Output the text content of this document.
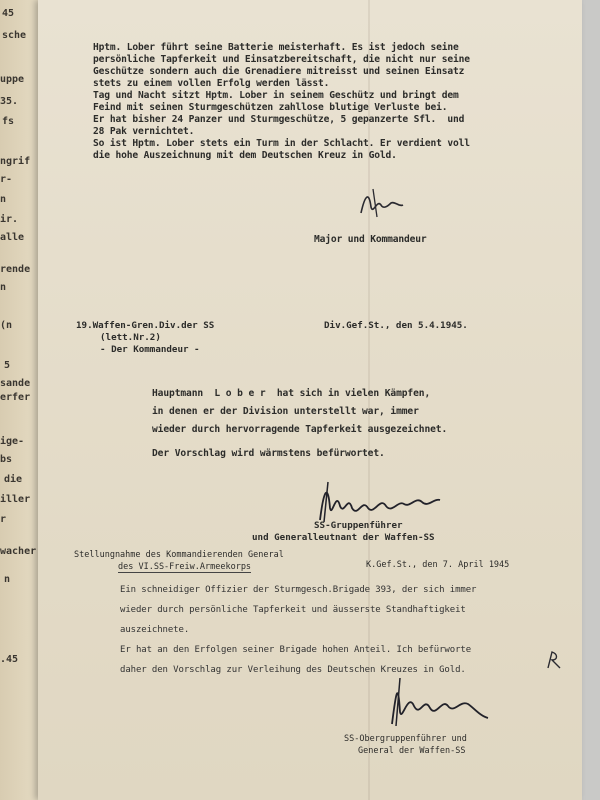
45
sche
uppe
35.
fs
ngrif
r-
n
ir.
alle
rende
n
(n
5
sande
erfer
ige-
bs
die
iller
r
wacher
n
.45
Hptm. Lober führt seine Batterie meisterhaft. Es ist jedoch seine
persönliche Tapferkeit und Einsatzbereitschaft, die nicht nur seine
Geschütze sondern auch die Grenadiere mitreisst und seinen Einsatz
stets zu einem vollen Erfolg werden lässt.
Tag und Nacht sitzt Hptm. Lober in seinem Geschütz und bringt dem
Feind mit seinen Sturmgeschützen zahllose blutige Verluste bei.
Er hat bisher 24 Panzer und Sturmgeschütze, 5 gepanzerte Sfl.  und
28 Pak vernichtet.
So ist Hptm. Lober stets ein Turm in der Schlacht. Er verdient voll
die hohe Auszeichnung mit dem Deutschen Kreuz in Gold.
Major und Kommandeur
19.Waffen-Gren.Div.der SS
(lett.Nr.2)
- Der Kommandeur -
Div.Gef.St., den 5.4.1945.
Hauptmann  L o b e r  hat sich in vielen Kämpfen,
in denen er der Division unterstellt war, immer
wieder durch hervorragende Tapferkeit ausgezeichnet.
Der Vorschlag wird wärmstens befürwortet.
SS-Gruppenführer
und Generalleutnant der Waffen-SS
Stellungnahme des Kommandierenden General
des VI.SS-Freiw.Armeekorps	K.Gef.St., den 7. April 1945
Ein schneidiger Offizier der Sturmgesch.Brigade 393, der sich immer
wieder durch persönliche Tapferkeit und äusserste Standhaftigkeit
auszeichnete.
Er hat an den Erfolgen seiner Brigade hohen Anteil. Ich befürworte
daher den Vorschlag zur Verleihung des Deutschen Kreuzes in Gold.
SS-Obergruppenführer und
General der Waffen-SS
